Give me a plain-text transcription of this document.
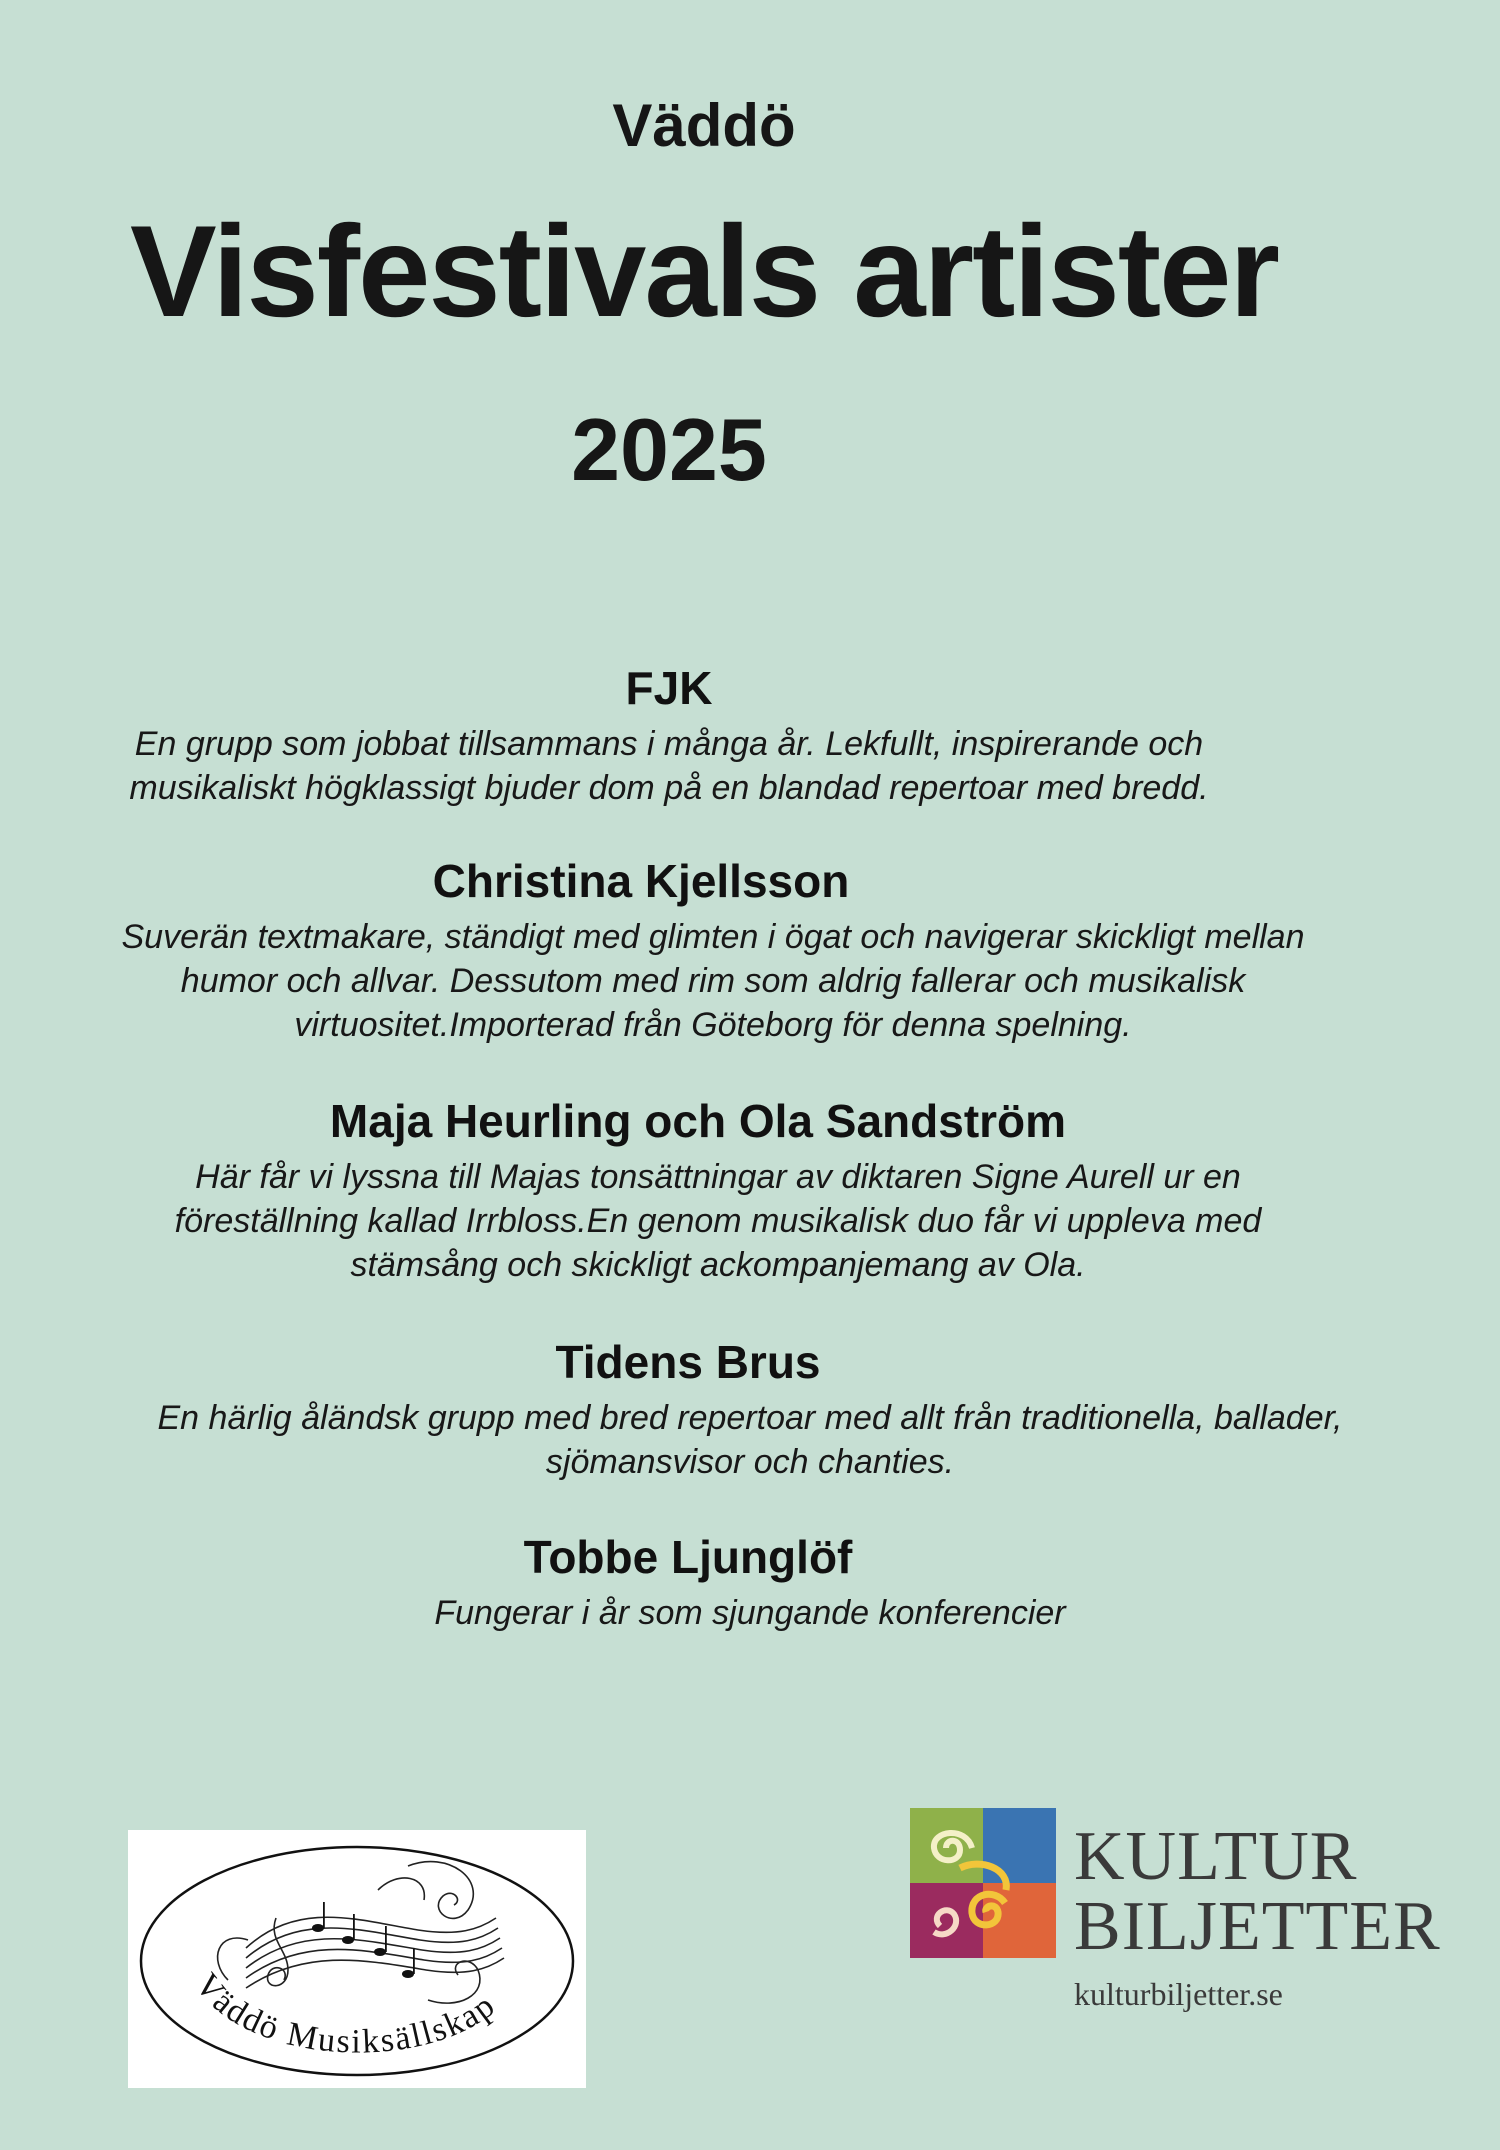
Väddö
Visfestivals artister
2025
FJK

En grupp som jobbat tillsammans i många år. Lekfullt, inspirerande och
musikaliskt högklassigt bjuder dom på en blandad repertoar med bredd.

Christina Kjellsson

Suverän textmakare, ständigt med glimten i ögat och navigerar skickligt mellan
humor och allvar. Dessutom med rim som aldrig fallerar och musikalisk
virtuositet.Importerad från Göteborg för denna spelning.

Maja Heurling och Ola Sandström

Här får vi lyssna till Majas tonsättningar av diktaren Signe Aurell ur en
föreställning kallad Irrbloss.En genom musikalisk duo får vi uppleva med
stämsång och skickligt ackompanjemang av Ola.

Tidens Brus

En härlig åländsk grupp med bred repertoar med allt från traditionella, ballader,
sjömansvisor och chanties.

Tobbe Ljunglöf

Fungerar i år som sjungande konferencier

Väddö Musiksällskap
KULTUR
BILJETTER
kulturbiljetter.se
